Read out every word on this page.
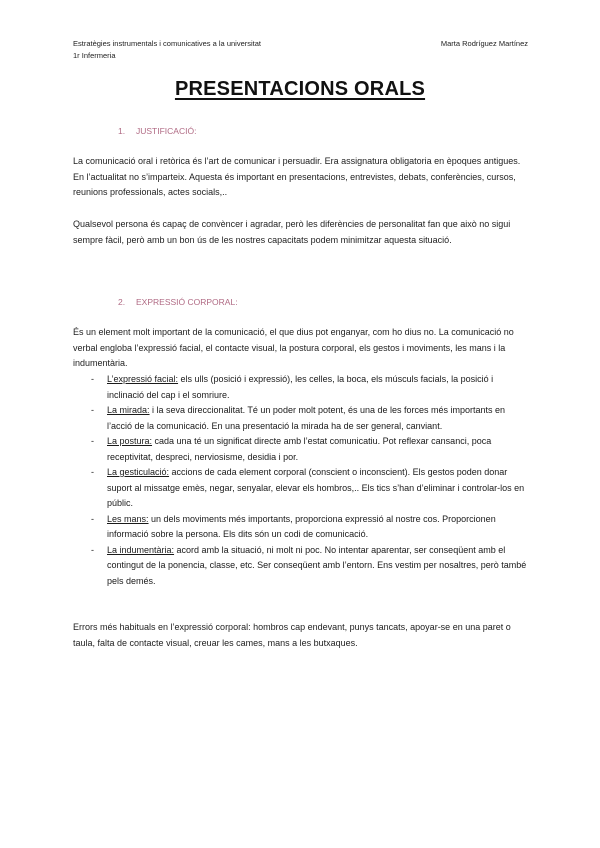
Estratègies instrumentals i comunicatives a la universitat
1r Infermeria
Marta Rodríguez Martínez
PRESENTACIONS ORALS
1. JUSTIFICACIÓ:
La comunicació oral i retòrica és l’art de comunicar i persuadir. Era assignatura obligatoria en èpoques antigues. En l’actualitat no s’imparteix. Aquesta és important en presentacions, entrevistes, debats, conferències, cursos, reunions professionals, actes socials,..
Qualsevol persona és capaç de convèncer i agradar, però les diferències de personalitat fan que això no sigui sempre fàcil, però amb un bon ús de les nostres capacitats podem minimitzar aquesta situació.
2. EXPRESSIÓ CORPORAL:
És un element molt important de la comunicació, el que dius pot enganyar, com ho dius no. La comunicació no verbal engloba l’expressió facial, el contacte visual, la postura corporal, els gestos i moviments, les mans i la indumentària.
- L’expressió facial: els ulls (posició i expressió), les celles, la boca, els músculs facials, la posició i inclinació del cap i el somriure.
- La mirada: i la seva direccionalitat. Té un poder molt potent, és una de les forces més importants en l’acció de la comunicació. En una presentació la mirada ha de ser general, canviant.
- La postura: cada una té un significat directe amb l’estat comunicatiu. Pot reflexar cansanci, poca receptivitat, despreci, nerviosisme, desidia i por.
- La gesticulació: accions de cada element corporal (conscient o inconscient). Els gestos poden donar suport al missatge emès, negar, senyalar, elevar els hombros,.. Els tics s’han d’eliminar i controlar-los en públic.
- Les mans: un dels moviments més importants, proporciona expressió al nostre cos. Proporcionen informació sobre la persona. Els dits són un codi de comunicació.
- La indumentària: acord amb la situació, ni molt ni poc. No intentar aparentar, ser conseqüent amb el contingut de la ponencia, classe, etc. Ser conseqüent amb l’entorn. Ens vestim per nosaltres, però també pels demés.
Errors més habituals en l’expressió corporal: hombros cap endevant, punys tancats, apoyar-se en una paret o taula, falta de contacte visual, creuar les cames, mans a les butxaques.
